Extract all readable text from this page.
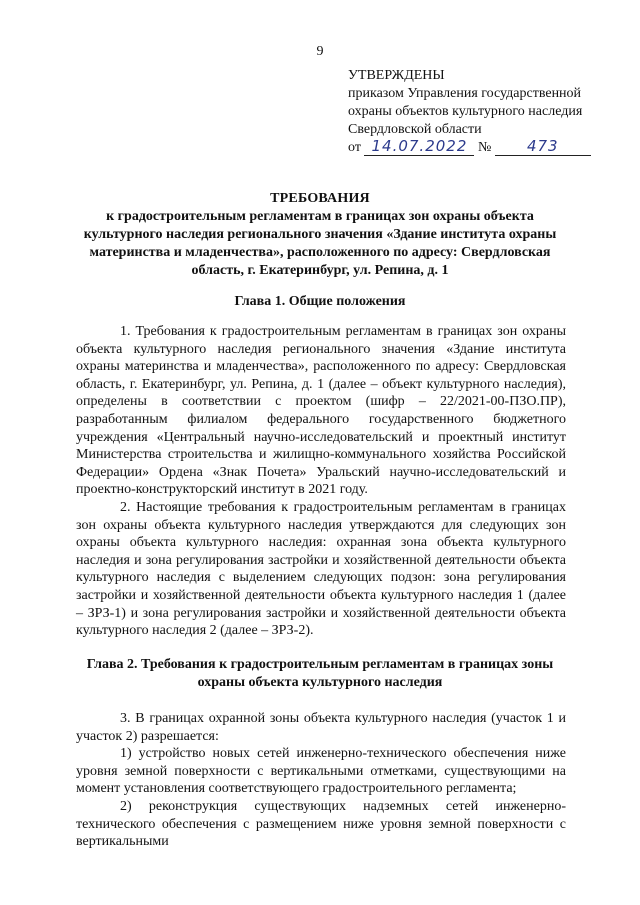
9
УТВЕРЖДЕНЫ
приказом Управления государственной
охраны объектов культурного наследия
Свердловской области
от 14.07.2022 № 473
ТРЕБОВАНИЯ
к градостроительным регламентам в границах зон охраны объекта культурного наследия регионального значения «Здание института охраны материнства и младенчества», расположенного по адресу: Свердловская область, г. Екатеринбург, ул. Репина, д. 1
Глава 1. Общие положения

1. Требования к градостроительным регламентам в границах зон охраны объекта культурного наследия регионального значения «Здание института охраны материнства и младенчества», расположенного по адресу: Свердловская область, г. Екатеринбург, ул. Репина, д. 1 (далее – объект культурного наследия), определены в соответствии с проектом (шифр – 22/2021-00-ПЗО.ПР), разработанным филиалом федерального государственного бюджетного учреждения «Центральный научно-исследовательский и проектный институт Министерства строительства и жилищно-коммунального хозяйства Российской Федерации» Ордена «Знак Почета» Уральский научно-исследовательский и проектно-конструкторский институт в 2021 году.

2. Настоящие требования к градостроительным регламентам в границах зон охраны объекта культурного наследия утверждаются для следующих зон охраны объекта культурного наследия: охранная зона объекта культурного наследия и зона регулирования застройки и хозяйственной деятельности объекта культурного наследия с выделением следующих подзон: зона регулирования застройки и хозяйственной деятельности объекта культурного наследия 1 (далее – ЗРЗ-1) и зона регулирования застройки и хозяйственной деятельности объекта культурного наследия 2 (далее – ЗРЗ-2).

Глава 2. Требования к градостроительным регламентам в границах зоны охраны объекта культурного наследия

3. В границах охранной зоны объекта культурного наследия (участок 1 и участок 2) разрешается:

1) устройство новых сетей инженерно-технического обеспечения ниже уровня земной поверхности с вертикальными отметками, существующими на момент установления соответствующего градостроительного регламента;

2) реконструкция существующих надземных сетей инженерно-технического обеспечения с размещением ниже уровня земной поверхности с вертикальными
